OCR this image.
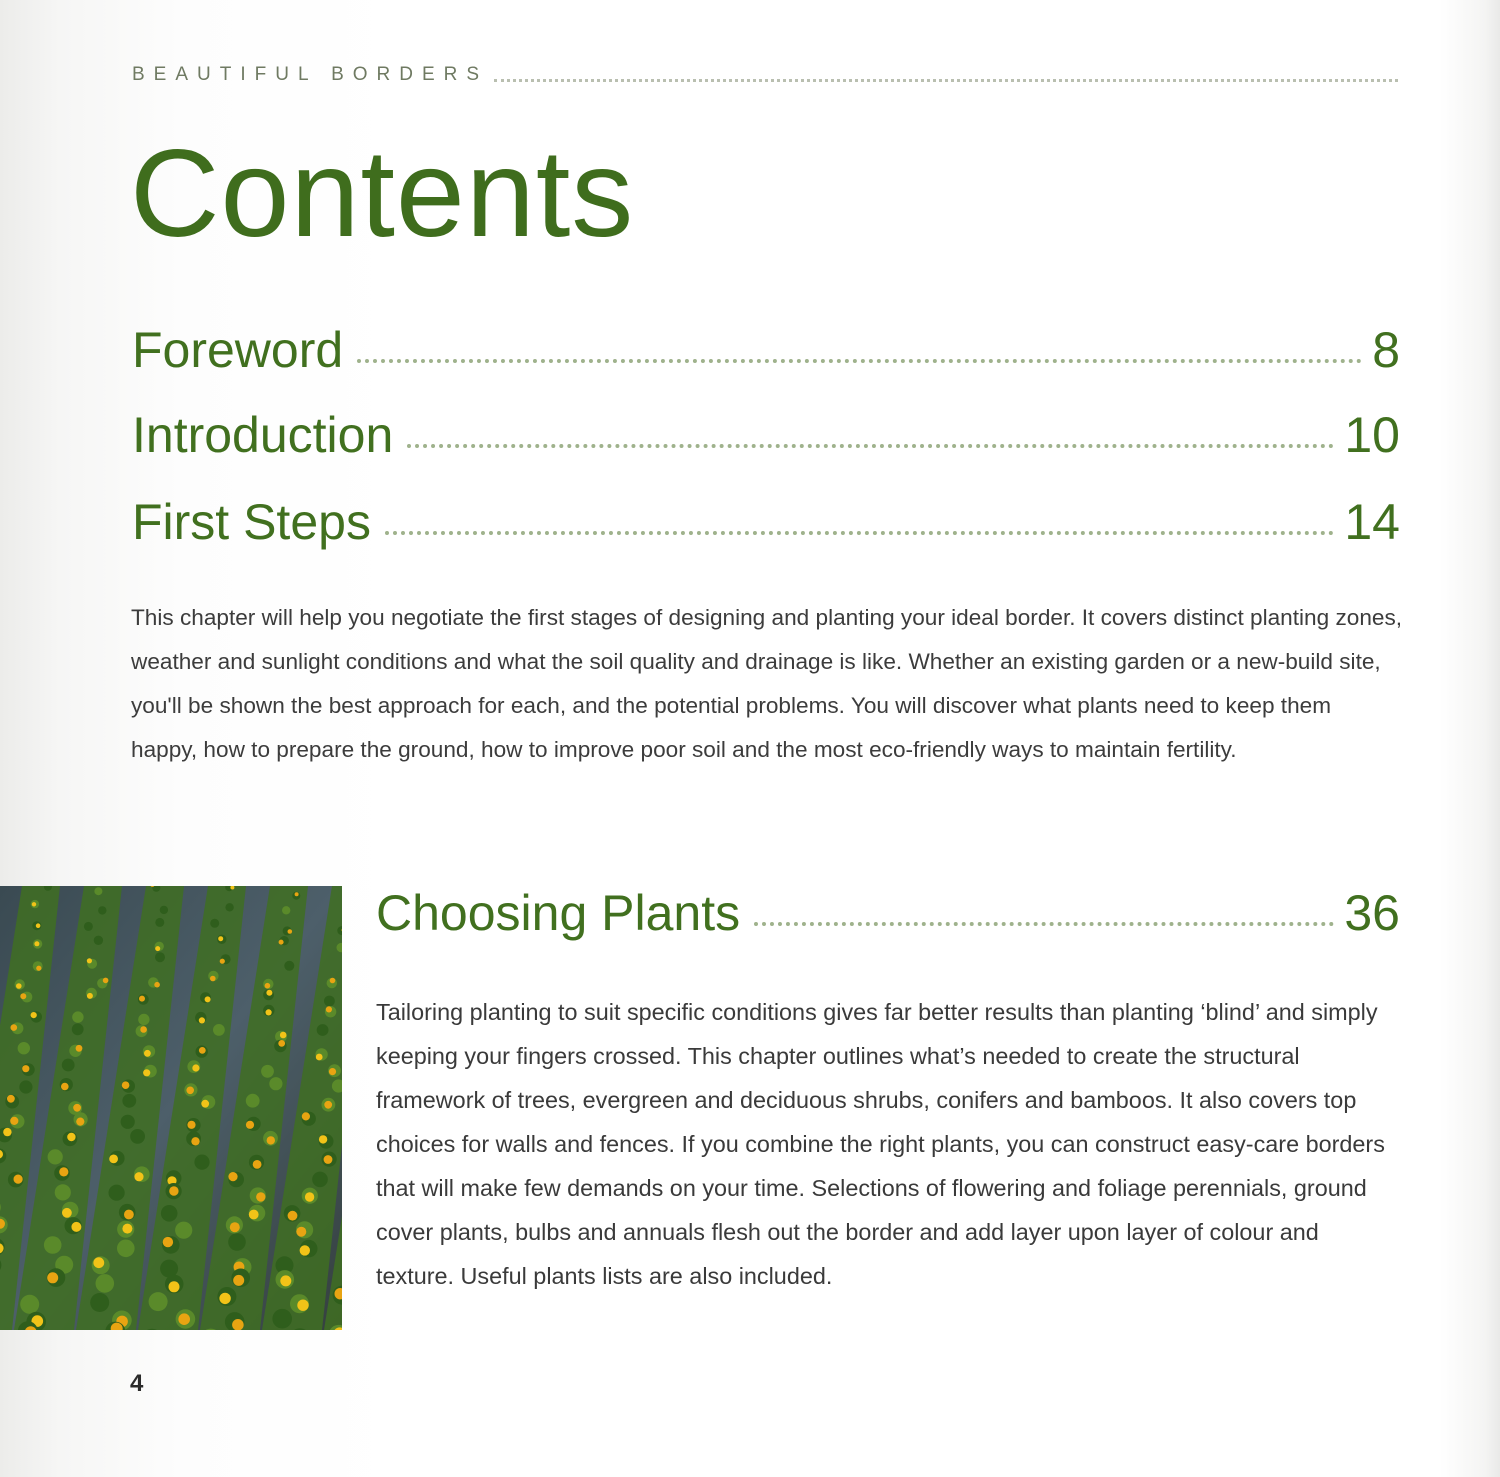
BEAUTIFUL BORDERS
Contents
Foreword	8
Introduction	10
First Steps	14

This chapter will help you negotiate the first stages of designing and planting your ideal border. It covers distinct planting zones, weather and sunlight conditions and what the soil quality and drainage is like. Whether an existing garden or a new-build site, you'll be shown the best approach for each, and the potential problems. You will discover what plants need to keep them happy, how to prepare the ground, how to improve poor soil and the most eco-friendly ways to maintain fertility.

Choosing Plants	36

Tailoring planting to suit specific conditions gives far better results than planting ‘blind’ and simply keeping your fingers crossed. This chapter outlines what’s needed to create the structural framework of trees, evergreen and deciduous shrubs, conifers and bamboos. It also covers top choices for walls and fences. If you combine the right plants, you can construct easy-care borders that will make few demands on your time. Selections of flowering and foliage perennials, ground cover plants, bulbs and annuals flesh out the border and add layer upon layer of colour and texture. Useful plants lists are also included.

4
